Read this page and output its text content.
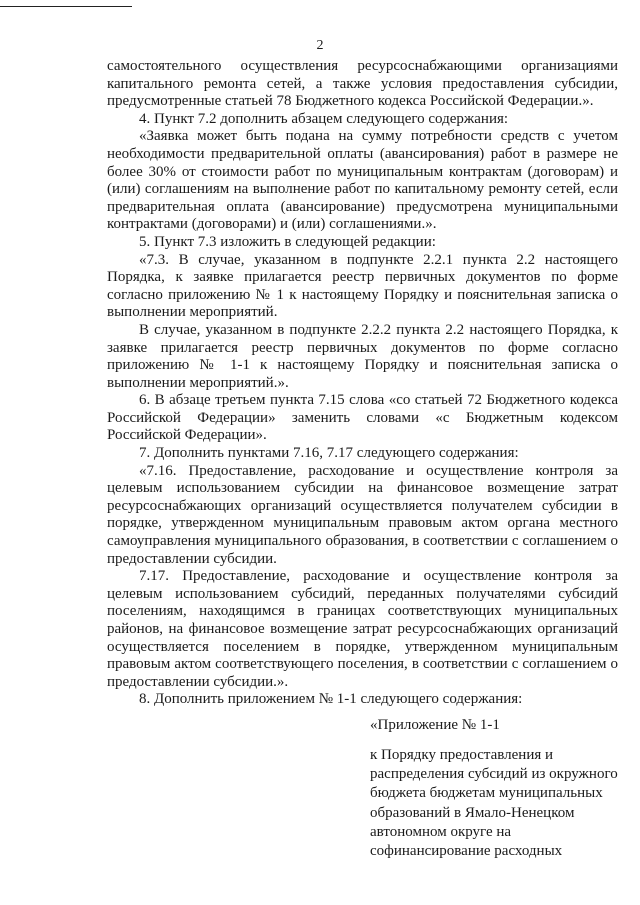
2

самостоятельного осуществления ресурсоснабжающими организациями капитального ремонта сетей, а также условия предоставления субсидии, предусмотренные статьей 78 Бюджетного кодекса Российской Федерации.».

4. Пункт 7.2 дополнить абзацем следующего содержания:

«Заявка может быть подана на сумму потребности средств с учетом необходимости предварительной оплаты (авансирования) работ в размере не более 30% от стоимости работ по муниципальным контрактам (договорам) и (или) соглашениям на выполнение работ по капитальному ремонту сетей, если предварительная оплата (авансирование) предусмотрена муниципальными контрактами (договорами) и (или) соглашениями.».

5. Пункт 7.3 изложить в следующей редакции:

«7.3. В случае, указанном в подпункте 2.2.1 пункта 2.2 настоящего Порядка, к заявке прилагается реестр первичных документов по форме согласно приложению № 1 к настоящему Порядку и пояснительная записка о выполнении мероприятий.

В случае, указанном в подпункте 2.2.2 пункта 2.2 настоящего Порядка, к заявке прилагается реестр первичных документов по форме согласно приложению № 1-1 к настоящему Порядку и пояснительная записка о выполнении мероприятий.».

6. В абзаце третьем пункта 7.15 слова «со статьей 72 Бюджетного кодекса Российской Федерации» заменить словами «с Бюджетным кодексом Российской Федерации».

7. Дополнить пунктами 7.16, 7.17 следующего содержания:

«7.16. Предоставление, расходование и осуществление контроля за целевым использованием субсидии на финансовое возмещение затрат ресурсоснабжающих организаций осуществляется получателем субсидии в порядке, утвержденном муниципальным правовым актом органа местного самоуправления муниципального образования, в соответствии с соглашением о предоставлении субсидии.

7.17. Предоставление, расходование и осуществление контроля за целевым использованием субсидий, переданных получателями субсидий поселениям, находящимся в границах соответствующих муниципальных районов, на финансовое возмещение затрат ресурсоснабжающих организаций осуществляется поселением в порядке, утвержденном муниципальным правовым актом соответствующего поселения, в соответствии с соглашением о предоставлении субсидии.».

8. Дополнить приложением № 1-1 следующего содержания:

«Приложение № 1-1
к Порядку предоставления и
распределения субсидий из окружного
бюджета бюджетам муниципальных
образований в Ямало-Ненецком
автономном округе на
софинансирование расходных
